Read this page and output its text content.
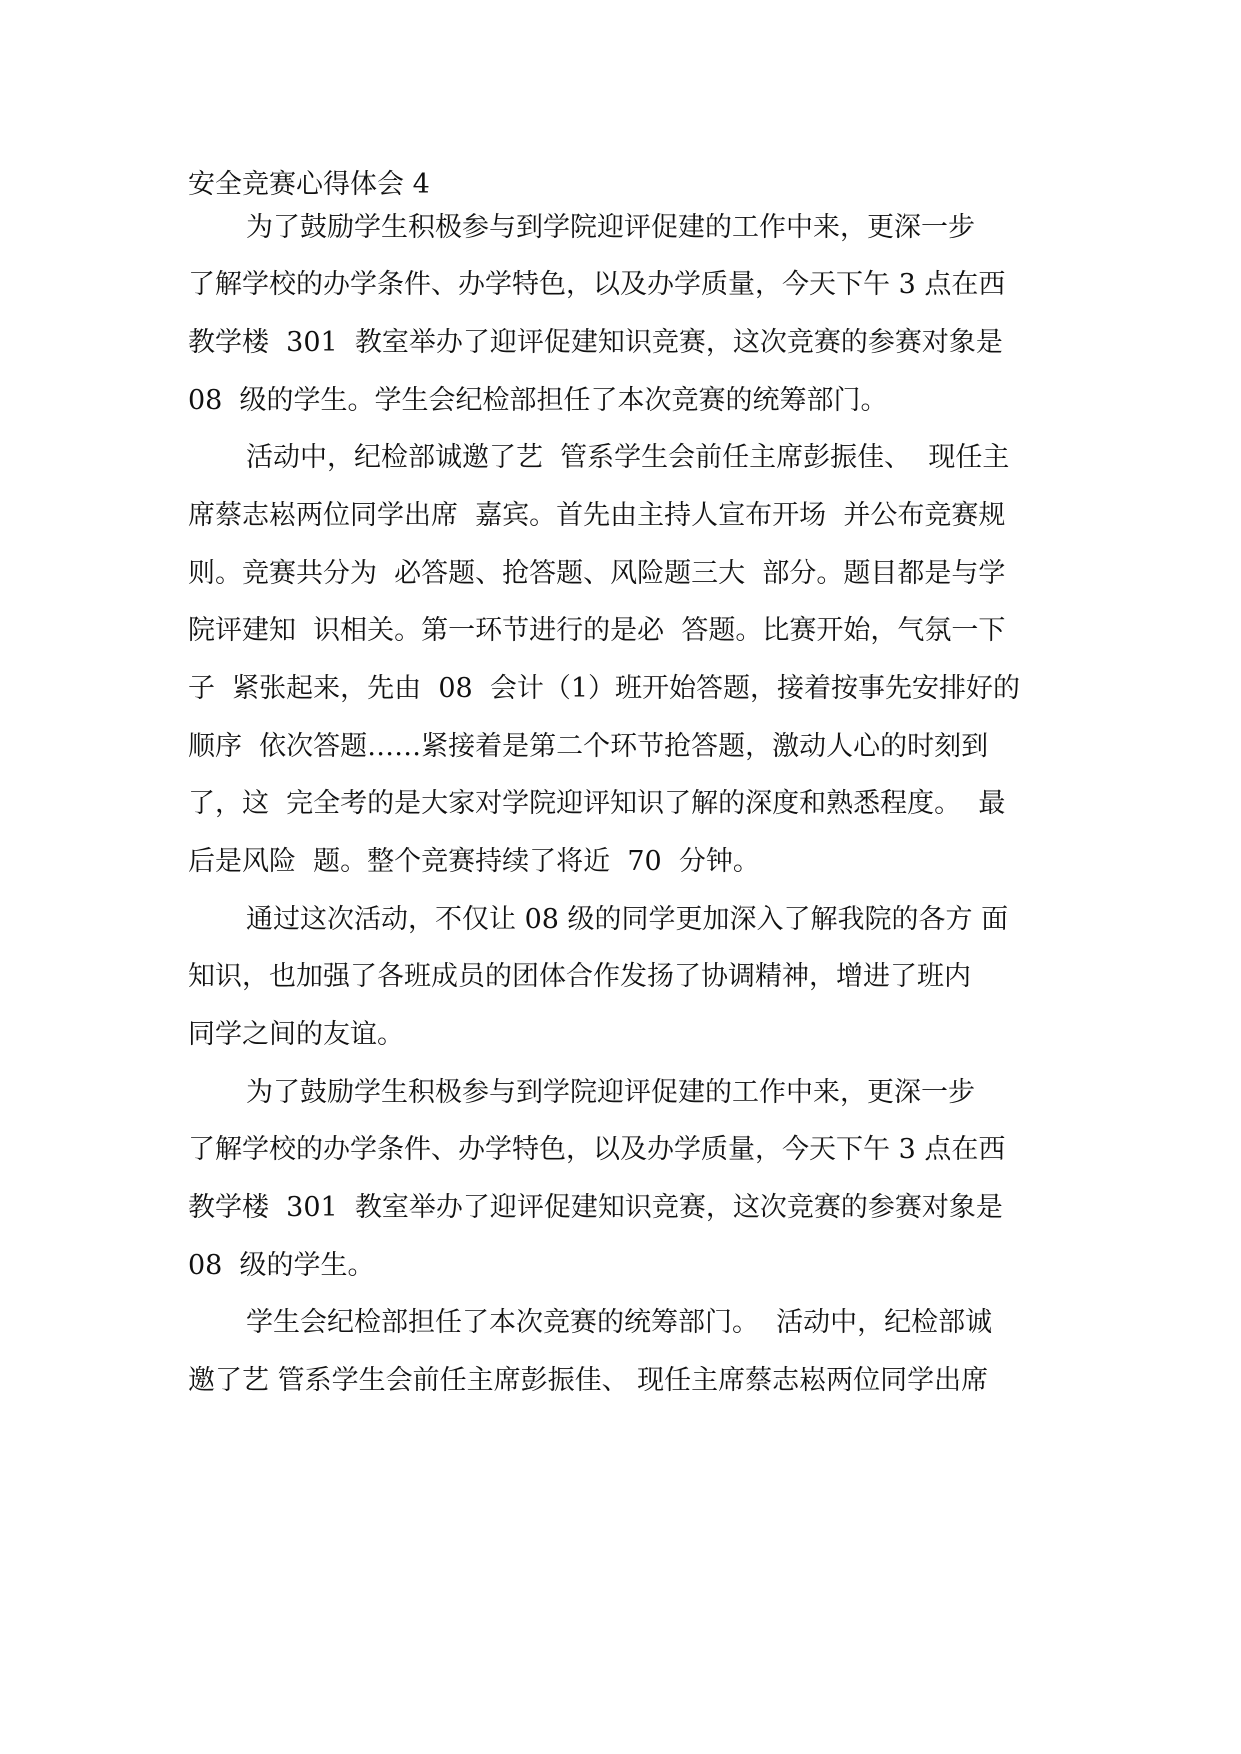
安全竞赛心得体会 4

为了鼓励学生积极参与到学院迎评促建的工作中来，更深一步

了解学校的办学条件、办学特色，以及办学质量，今天下午 3 点在西

教学楼  301  教室举办了迎评促建知识竞赛，这次竞赛的参赛对象是

08  级的学生。学生会纪检部担任了本次竞赛的统筹部门。

活动中，纪检部诚邀了艺  管系学生会前任主席彭振佳、  现任主

席蔡志崧两位同学出席  嘉宾。首先由主持人宣布开场  并公布竞赛规

则。竞赛共分为  必答题、抢答题、风险题三大  部分。题目都是与学

院评建知  识相关。第一环节进行的是必  答题。比赛开始，气氛一下

子  紧张起来，先由  08  会计（1）班开始答题，接着按事先安排好的

顺序  依次答题……紧接着是第二个环节抢答题，激动人心的时刻到

了，这  完全考的是大家对学院迎评知识了解的深度和熟悉程度。  最

后是风险  题。整个竞赛持续了将近  70  分钟。

通过这次活动，不仅让 08 级的同学更加深入了解我院的各方 面

知识，也加强了各班成员的团体合作发扬了协调精神，增进了班内

同学之间的友谊。

为了鼓励学生积极参与到学院迎评促建的工作中来，更深一步

了解学校的办学条件、办学特色，以及办学质量，今天下午 3 点在西

教学楼  301  教室举办了迎评促建知识竞赛，这次竞赛的参赛对象是

08  级的学生。

学生会纪检部担任了本次竞赛的统筹部门。  活动中，纪检部诚

邀了艺 管系学生会前任主席彭振佳、 现任主席蔡志崧两位同学出席
